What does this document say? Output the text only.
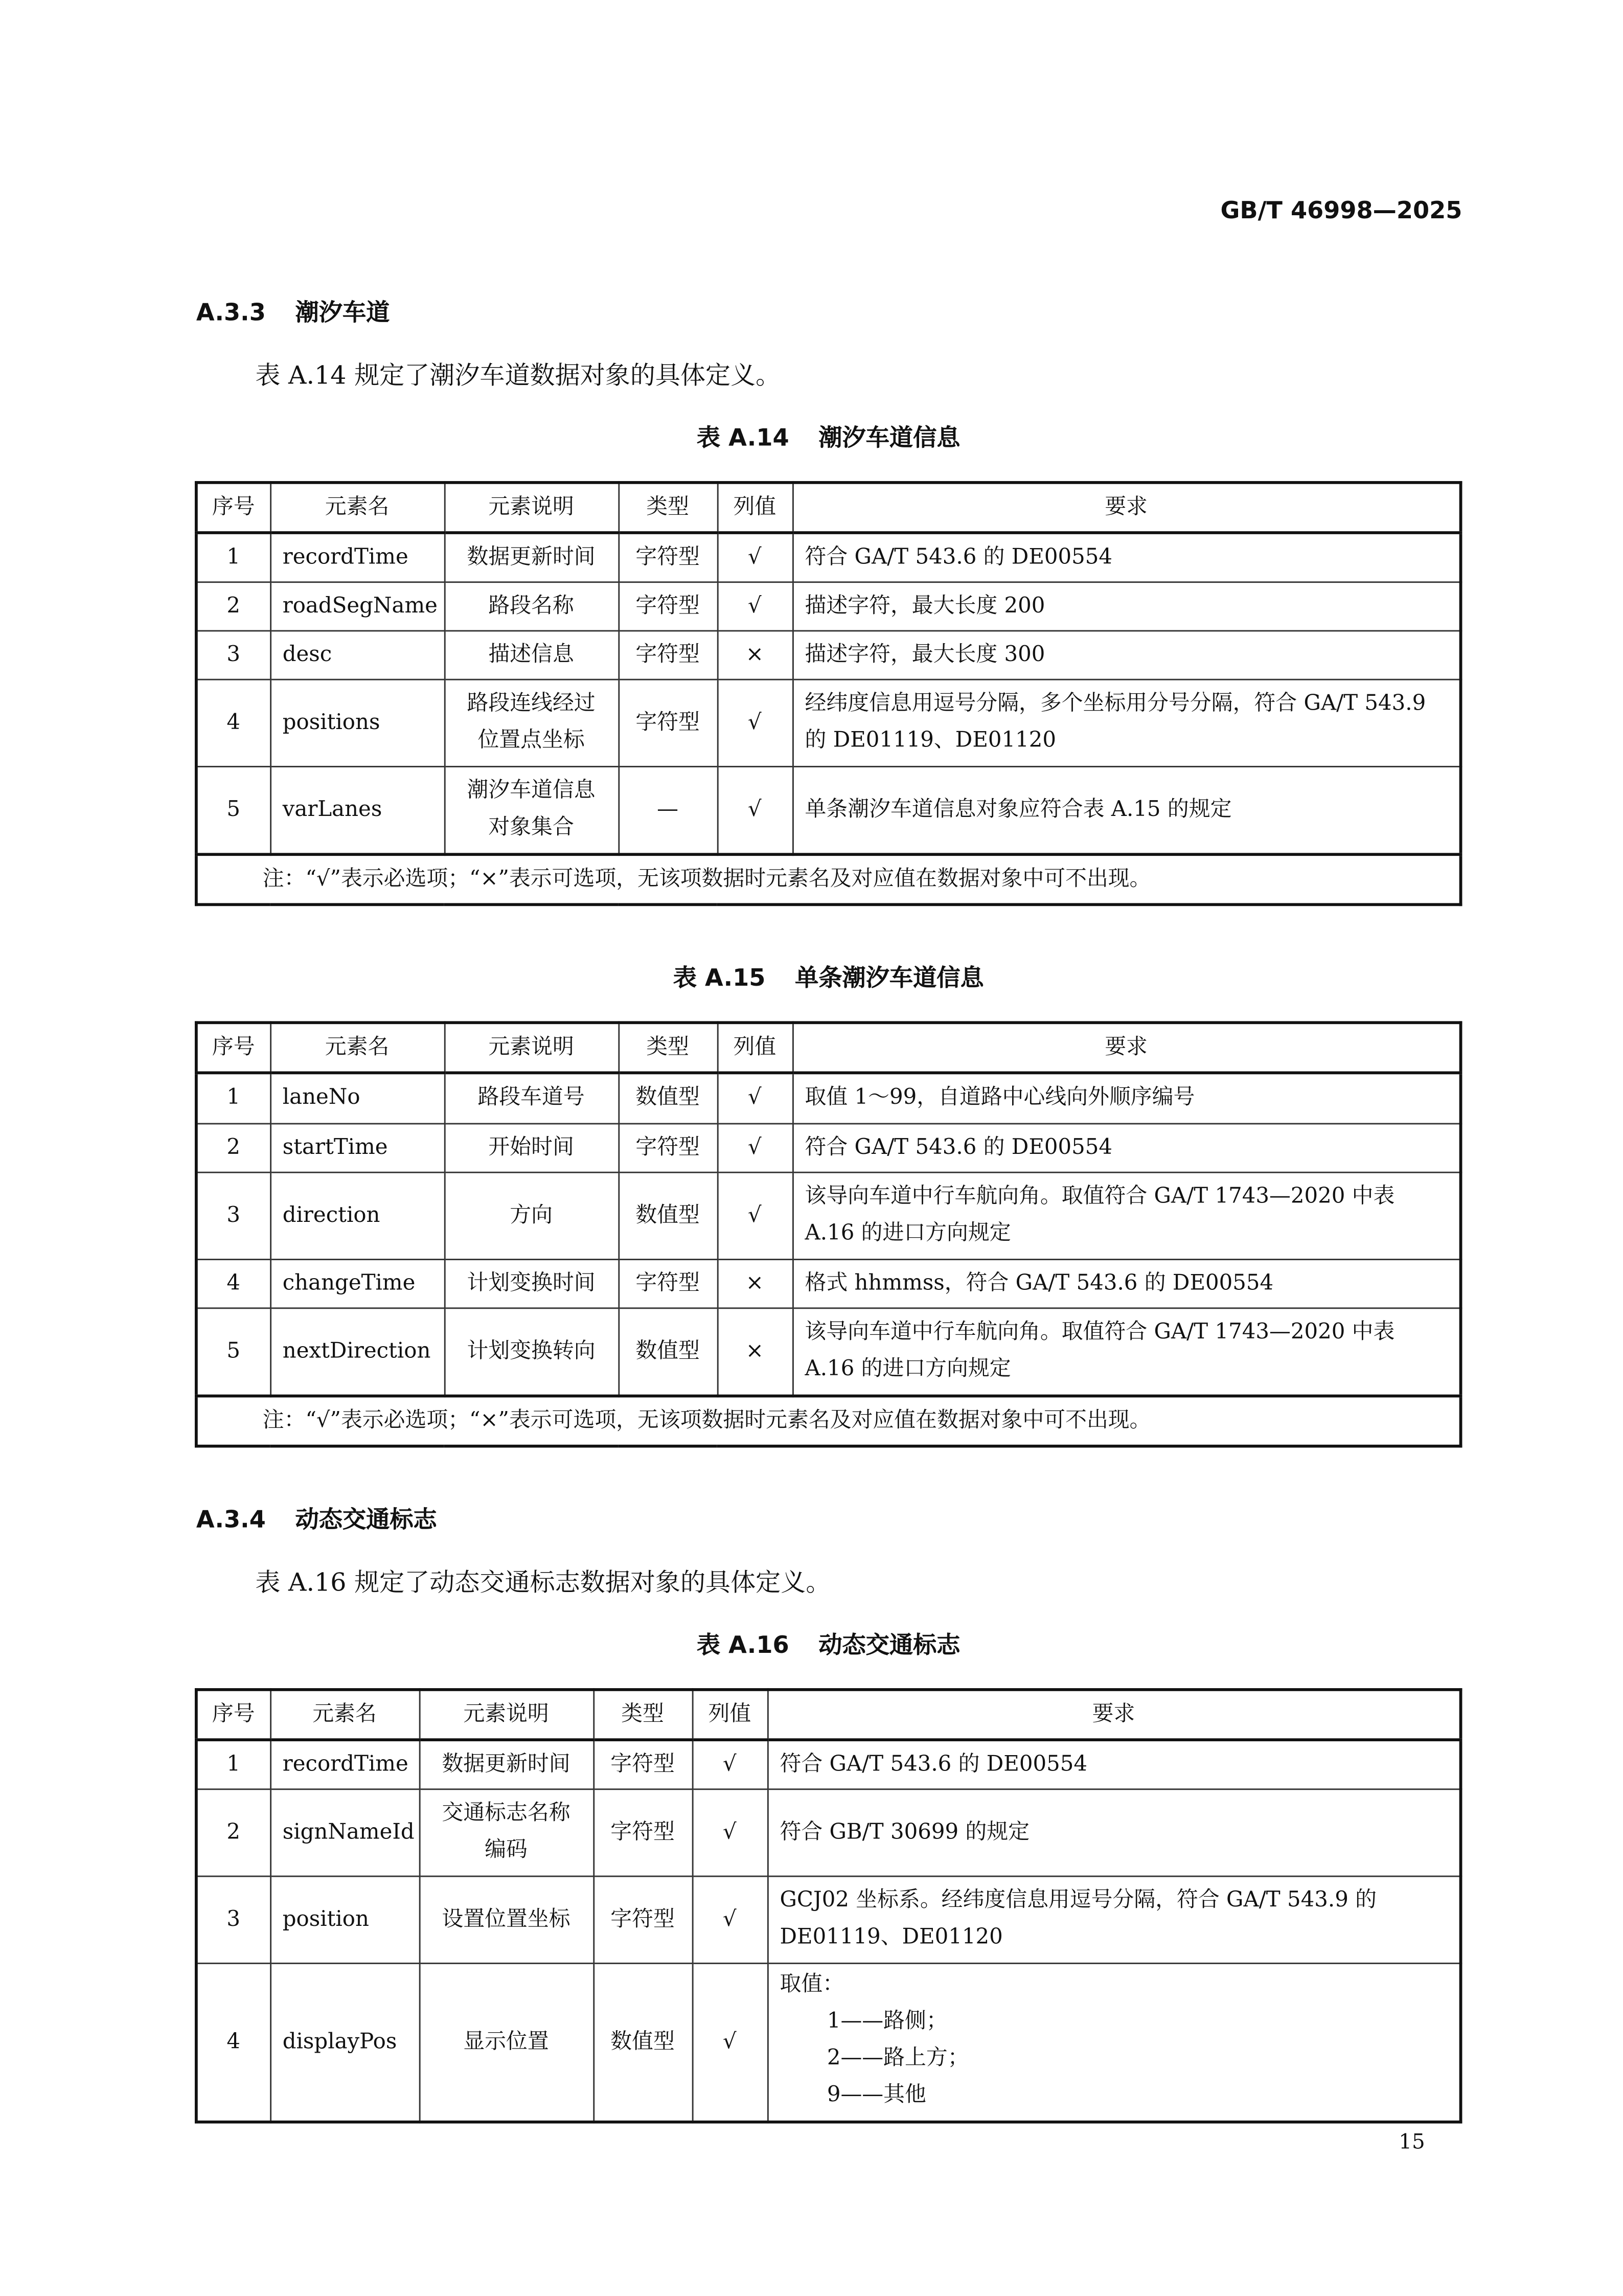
GB/T 46998—2025
A.3.3	潮汐车道
表 A.14 规定了潮汐车道数据对象的具体定义。
表 A.14	潮汐车道信息
序号	元素名	元素说明	类型	列值	要求
1	recordTime	数据更新时间	字符型	√	符合 GA/T 543.6 的 DE00554
2	roadSegName	路段名称	字符型	√	描述字符，最大长度 200
3	desc	描述信息	字符型	×	描述字符，最大长度 300
4	positions	路段连线经过位置点坐标	字符型	√	经纬度信息用逗号分隔，多个坐标用分号分隔，符合 GA/T 543.9 的 DE01119、DE01120
5	varLanes	潮汐车道信息对象集合	—	√	单条潮汐车道信息对象应符合表 A.15 的规定
注：“√”表示必选项；“×”表示可选项，无该项数据时元素名及对应值在数据对象中可不出现。					
表 A.15	单条潮汐车道信息
序号	元素名	元素说明	类型	列值	要求
1	laneNo	路段车道号	数值型	√	取值 1～99，自道路中心线向外顺序编号
2	startTime	开始时间	字符型	√	符合 GA/T 543.6 的 DE00554
3	direction	方向	数值型	√	该导向车道中行车航向角。取值符合 GA/T 1743—2020 中表 A.16 的进口方向规定
4	changeTime	计划变换时间	字符型	×	格式 hhmmss，符合 GA/T 543.6 的 DE00554
5	nextDirection	计划变换转向	数值型	×	该导向车道中行车航向角。取值符合 GA/T 1743—2020 中表 A.16 的进口方向规定
注：“√”表示必选项；“×”表示可选项，无该项数据时元素名及对应值在数据对象中可不出现。					
A.3.4	动态交通标志
表 A.16 规定了动态交通标志数据对象的具体定义。
表 A.16	动态交通标志
序号	元素名	元素说明	类型	列值	要求
1	recordTime	数据更新时间	字符型	√	符合 GA/T 543.6 的 DE00554
2	signNameId	交通标志名称编码	字符型	√	符合 GB/T 30699 的规定
3	position	设置位置坐标	字符型	√	GCJ02 坐标系。经纬度信息用逗号分隔，符合 GA/T 543.9 的 DE01119、DE01120
4	displayPos	显示位置	数值型	√	取值：
1——路侧；
2——路上方；
9——其他
15
